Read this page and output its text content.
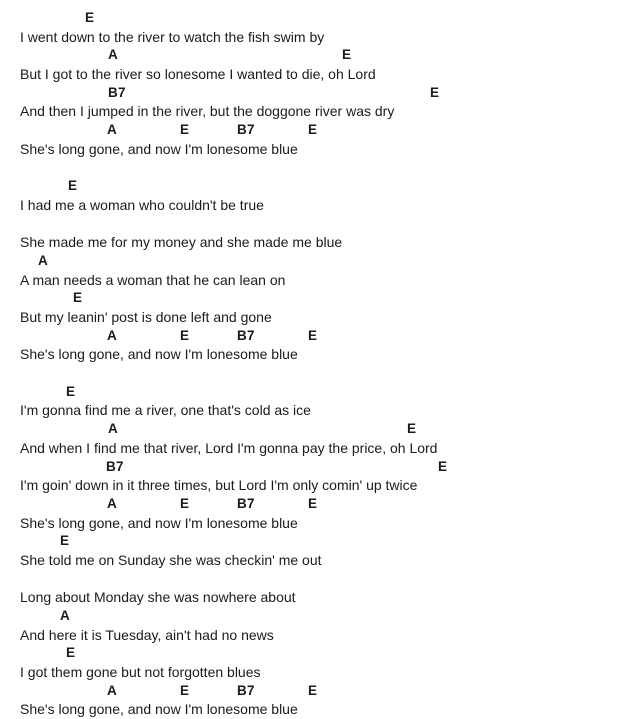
E
I went down to the river to watch the fish swim by
A	E
But I got to the river so lonesome I wanted to die, oh Lord
B7	E
And then I jumped in the river, but the doggone river was dry
A	E	B7	E
She's long gone, and now I'm lonesome blue
E
I had me a woman who couldn't be true
She made me for my money and she made me blue
A
A man needs a woman that he can lean on
E
But my leanin' post is done left and gone
A	E	B7	E
She's long gone, and now I'm lonesome blue
E
I'm gonna find me a river, one that's cold as ice
A	E
And when I find me that river, Lord I'm gonna pay the price, oh Lord
B7	E
I'm goin' down in it three times, but Lord I'm only comin' up twice
A	E	B7	E
She's long gone, and now I'm lonesome blue
E
She told me on Sunday she was checkin' me out
Long about Monday she was nowhere about
A
And here it is Tuesday, ain't had no news
E
I got them gone but not forgotten blues
A	E	B7	E
She's long gone, and now I'm lonesome blue
